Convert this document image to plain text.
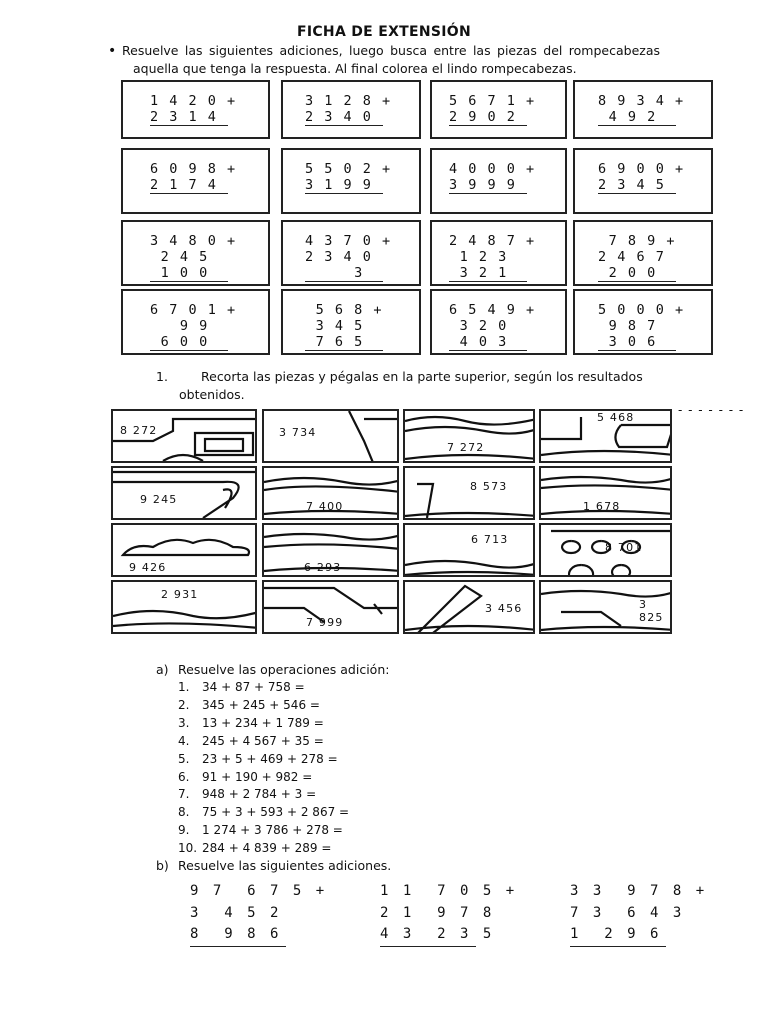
FICHA DE EXTENSIÓN
• Resuelve las siguientes adiciones, luego busca entre las piezas del rompecabezas
aquella que tenga la respuesta. Al final colorea el lindo rompecabezas.
1 4 2 0 +
2 3 1 4
3 1 2 8 +
2 3 4 0
5 6 7 1 +
2 9 0 2
8 9 3 4 +
4 9 2
6 0 9 8 +
2 1 7 4
5 5 0 2 +
3 1 9 9
4 0 0 0 +
3 9 9 9
6 9 0 0 +
2 3 4 5
3 4 8 0 +
2 4 5
1 0 0
4 3 7 0 +
2 3 4 0
3
2 4 8 7 +
1 2 3
3 2 1
7 8 9 +
2 4 6 7
2 0 0
6 7 0 1 +
9 9
6 0 0
5 6 8 +
3 4 5
7 6 5
6 5 4 9 +
3 2 0
4 0 3
5 0 0 0 +
9 8 7
3 0 6
1.	Recorta las piezas y pégalas en la parte superior, según los resultados
obtenidos.
- - - - - - -
8 272	3 734
7 272
5 468
9 245
7 400
8 573
1 678
9 426	6 293
6 713
8 701
2 931
7 999
3 456	3 825
a) Resuelve las operaciones adición:
1. 34 + 87 + 758 =
2. 345 + 245 + 546 =
3. 13 + 234 + 1 789 =
4. 245 + 4 567 + 35 =
5. 23 + 5 + 469 + 278 =
6. 91 + 190 + 982 =
7. 948 + 2 784 + 3 =
8. 75 + 3 + 593 + 2 867 =
9. 1 274 + 3 786 + 278 =
10. 284 + 4 839 + 289 =
b) Resuelve las siguientes adiciones.
9 7  6 7 5 +
3  4 5 2
8  9 8 6
1 1  7 0 5 +
2 1  9 7 8
4 3  2 3 5
3 3  9 7 8 +
7 3  6 4 3
1  2 9 6
